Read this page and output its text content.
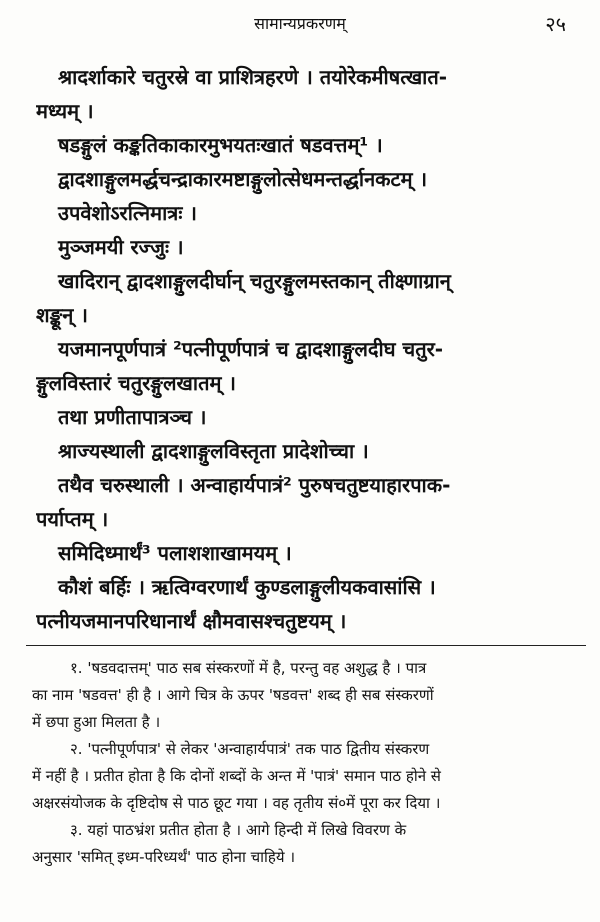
सामान्यप्रकरणम्	२५

श्रादर्शाकारे चतुरस्रे वा प्राशित्रहरणे । तयोरेकमीषत्खात-
मध्यम् ।

षडङ्गुलं कङ्कतिकाकारमुभयतःखातं षडवत्तम्¹ ।

द्वादशाङ्गुलमर्द्धचन्द्राकारमष्टाङ्गुलोत्सेधमन्तर्द्धानकटम् ।

उपवेशोऽरत्निमात्रः ।

मुञ्जमयी रज्जुः ।

खादिरान् द्वादशाङ्गुलदीर्घान् चतुरङ्गुलमस्तकान् तीक्ष्णाग्रान्
शङ्कून् ।

यजमानपूर्णपात्रं ²पत्नीपूर्णपात्रं च द्वादशाङ्गुलदीघ चतुर-
ङ्गुलविस्तारं चतुरङ्गुलखातम् ।

तथा प्रणीतापात्रञ्च ।

श्राज्यस्थाली द्वादशाङ्गुलविस्तृता प्रादेशोच्चा ।

तथैव चरुस्थाली । अन्वाहार्यपात्रं² पुरुषचतुष्टयाहारपाक-
पर्याप्तम् ।

समिदिध्मार्थं³ पलाशशाखामयम् ।

कौशं बर्हिः । ऋत्विग्वरणार्थं कुण्डलाङ्गुलीयकवासांसि ।
पत्नीयजमानपरिधानार्थं क्षौमवासश्चतुष्टयम् ।

१. 'षडवदात्तम्' पाठ सब संस्करणों में है, परन्तु वह अशुद्ध है । पात्र
का नाम 'षडवत्त' ही है । आगे चित्र के ऊपर 'षडवत्त' शब्द ही सब संस्करणों
में छपा हुआ मिलता है ।

२. 'पत्नीपूर्णपात्र' से लेकर 'अन्वाहार्यपात्रं' तक पाठ द्वितीय संस्करण
में नहीं है । प्रतीत होता है कि दोनों शब्दों के अन्त में 'पात्रं' समान पाठ होने से
अक्षरसंयोजक के दृष्टिदोष से पाठ छूट गया । वह तृतीय सं०में पूरा कर दिया ।

३. यहां पाठभ्रंश प्रतीत होता है । आगे हिन्दी में लिखे विवरण के
अनुसार 'समित् इध्म-परिध्यर्थं' पाठ होना चाहिये ।
